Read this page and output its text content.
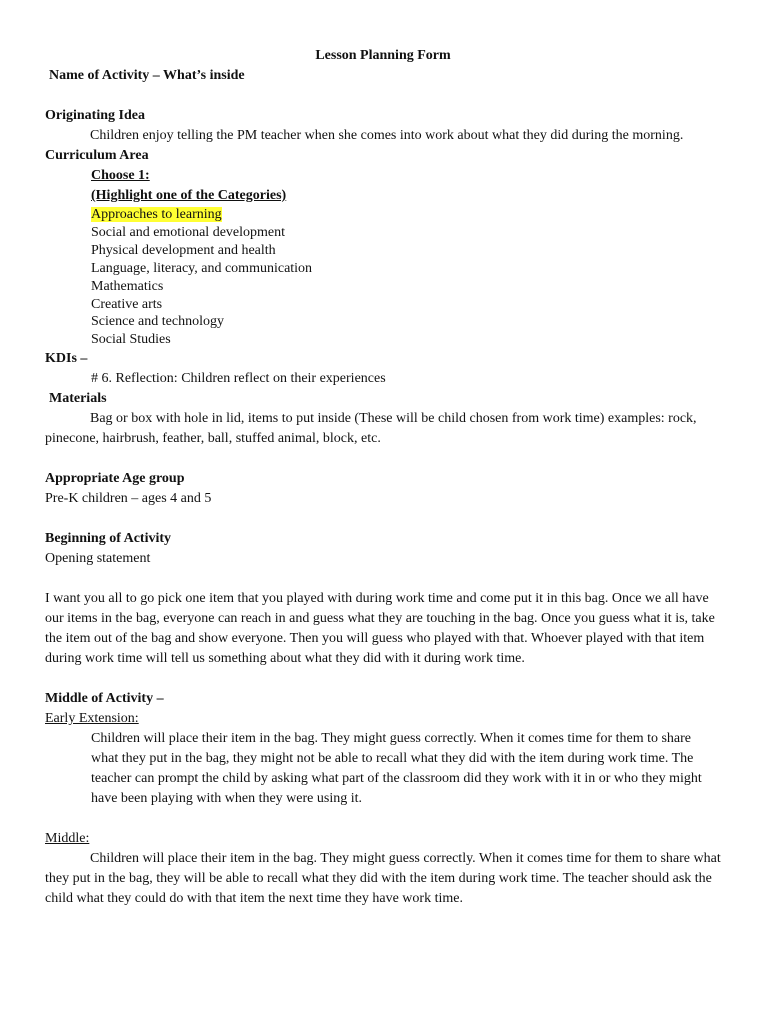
Lesson Planning Form
Name of Activity – What’s inside
Originating Idea
Children enjoy telling the PM teacher when she comes into work about what they did during the morning.
Curriculum Area
Choose 1:
(Highlight one of the Categories)
Approaches to learning
Social and emotional development
Physical development and health
Language, literacy, and communication
Mathematics
Creative arts
Science and technology
Social Studies
KDIs –
# 6. Reflection: Children reflect on their experiences
Materials
Bag or box with hole in lid, items to put inside (These will be child chosen from work time) examples: rock, pinecone, hairbrush, feather, ball, stuffed animal, block, etc.
Appropriate Age group
Pre-K children – ages 4 and 5
Beginning of Activity
Opening statement
I want you all to go pick one item that you played with during work time and come put it in this bag. Once we all have our items in the bag, everyone can reach in and guess what they are touching in the bag. Once you guess what it is, take the item out of the bag and show everyone. Then you will guess who played with that. Whoever played with that item during work time will tell us something about what they did with it during work time.
Middle of Activity –
Early Extension:
Children will place their item in the bag. They might guess correctly. When it comes time for them to share what they put in the bag, they might not be able to recall what they did with the item during work time. The teacher can prompt the child by asking what part of the classroom did they work with it in or who they might have been playing with when they were using it.
Middle:
Children will place their item in the bag. They might guess correctly. When it comes time for them to share what they put in the bag, they will be able to recall what they did with the item during work time. The teacher should ask the child what they could do with that item the next time they have work time.
